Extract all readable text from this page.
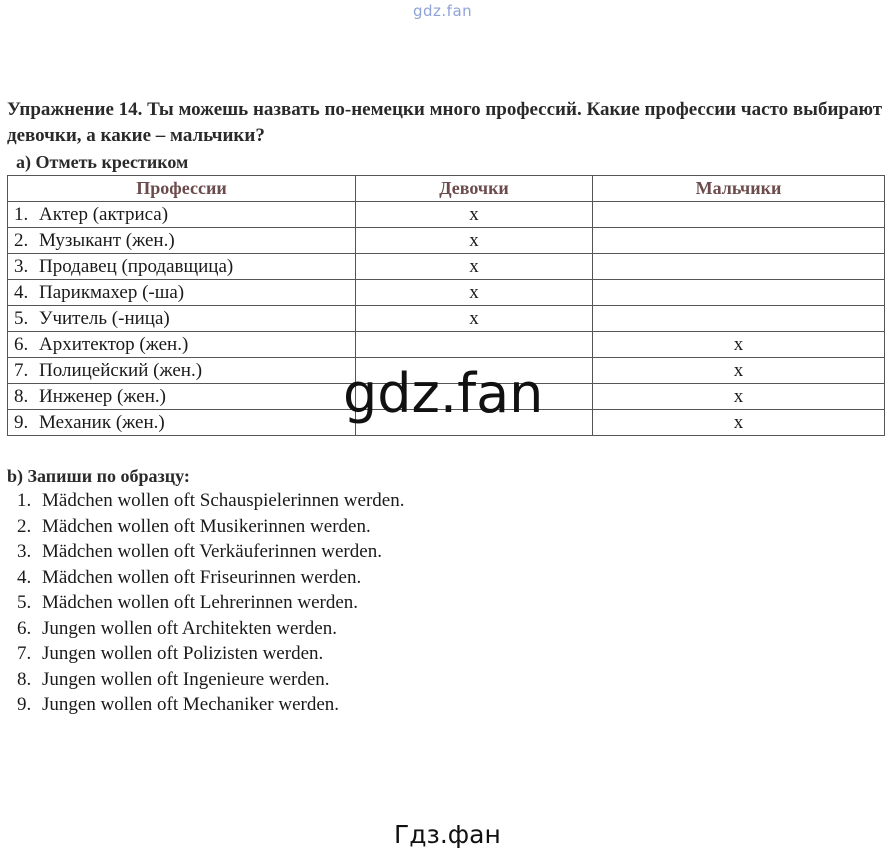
gdz.fan
Упражнение 14. Ты можешь назвать по-немецки много профессий. Какие профессии часто выбирают девочки, а какие – мальчики?
a) Отметь крестиком
Профессии	Девочки	Мальчики
1. Актер (актриса)	x	
2. Музыкант (жен.)	x	
3. Продавец (продавщица)	x	
4. Парикмахер (-ша)	x	
5. Учитель (-ница)	x	
6. Архитектор (жен.)		x
7. Полицейский (жен.)		x
8. Инженер (жен.)		x
9. Механик (жен.)		x
b) Запиши по образцу:
1. Mädchen wollen oft Schauspielerinnen werden.
2. Mädchen wollen oft Musikerinnen werden.
3. Mädchen wollen oft Verkäuferinnen werden.
4. Mädchen wollen oft Friseurinnen werden.
5. Mädchen wollen oft Lehrerinnen werden.
6. Jungen wollen oft Architekten werden.
7. Jungen wollen oft Polizisten werden.
8. Jungen wollen oft Ingenieure werden.
9. Jungen wollen oft Mechaniker werden.
gdz.fan
Гдз.фан
